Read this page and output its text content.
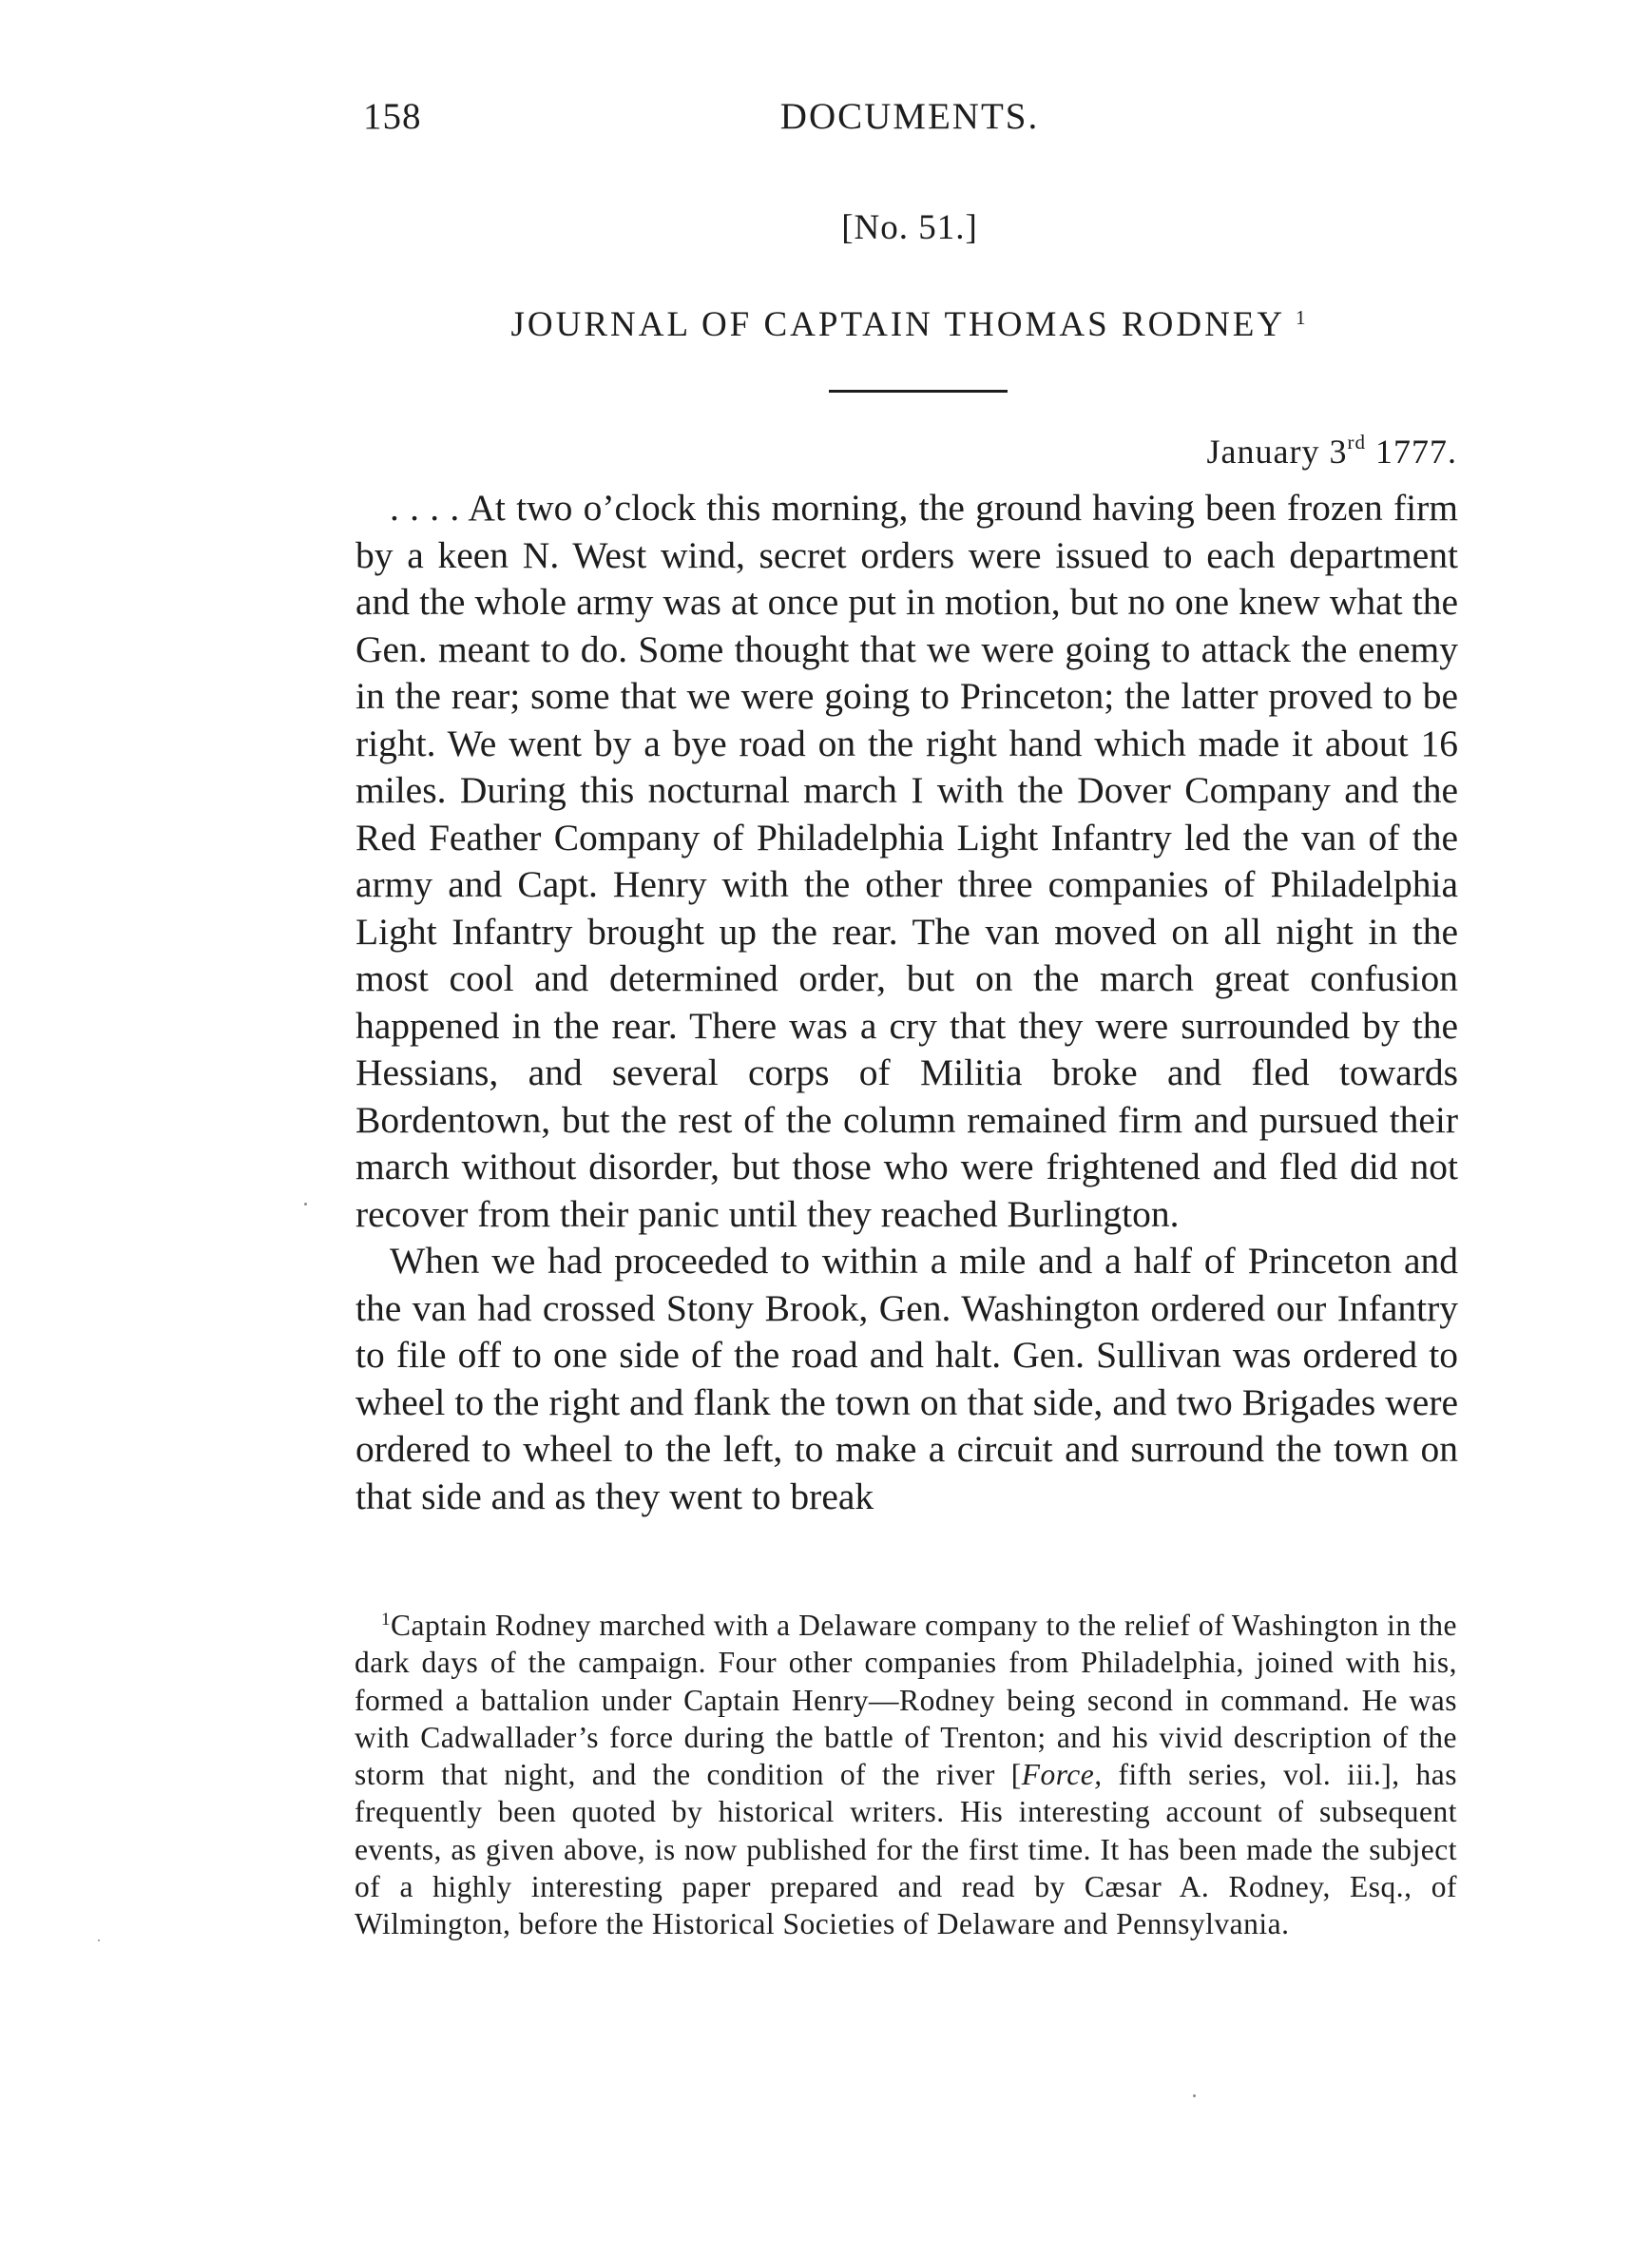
158	DOCUMENTS.
[No. 51.]
JOURNAL OF CAPTAIN THOMAS RODNEY $^1$
January 3rd 1777.

. . . . At two o’clock this morning, the ground having been frozen firm by a keen N. West wind, secret orders were issued to each department and the whole army was at once put in motion, but no one knew what the Gen. meant to do. Some thought that we were going to attack the enemy in the rear; some that we were going to Princeton; the latter proved to be right. We went by a bye road on the right hand which made it about 16 miles. During this nocturnal march I with the Dover Company and the Red Feather Company of Philadelphia Light Infantry led the van of the army and Capt. Henry with the other three companies of Philadelphia Light Infantry brought up the rear. The van moved on all night in the most cool and determined order, but on the march great confusion happened in the rear. There was a cry that they were surrounded by the Hessians, and several corps of Militia broke and fled towards Bordentown, but the rest of the column remained firm and pursued their march without disorder, but those who were frightened and fled did not recover from their panic until they reached Burlington.

When we had proceeded to within a mile and a half of Princeton and the van had crossed Stony Brook, Gen. Washington ordered our Infantry to file off to one side of the road and halt. Gen. Sullivan was ordered to wheel to the right and flank the town on that side, and two Brigades were ordered to wheel to the left, to make a circuit and surround the town on that side and as they went to break

$^1$Captain Rodney marched with a Delaware company to the relief of Washington in the dark days of the campaign. Four other companies from Philadelphia, joined with his, formed a battalion under Captain Henry—Rodney being second in command. He was with Cadwallader’s force during the battle of Trenton; and his vivid description of the storm that night, and the condition of the river [Force, fifth series, vol. iii.], has frequently been quoted by historical writers. His interesting account of subsequent events, as given above, is now published for the first time. It has been made the subject of a highly interesting paper prepared and read by Cæsar A. Rodney, Esq., of Wilmington, before the Historical Societies of Delaware and Pennsylvania.
